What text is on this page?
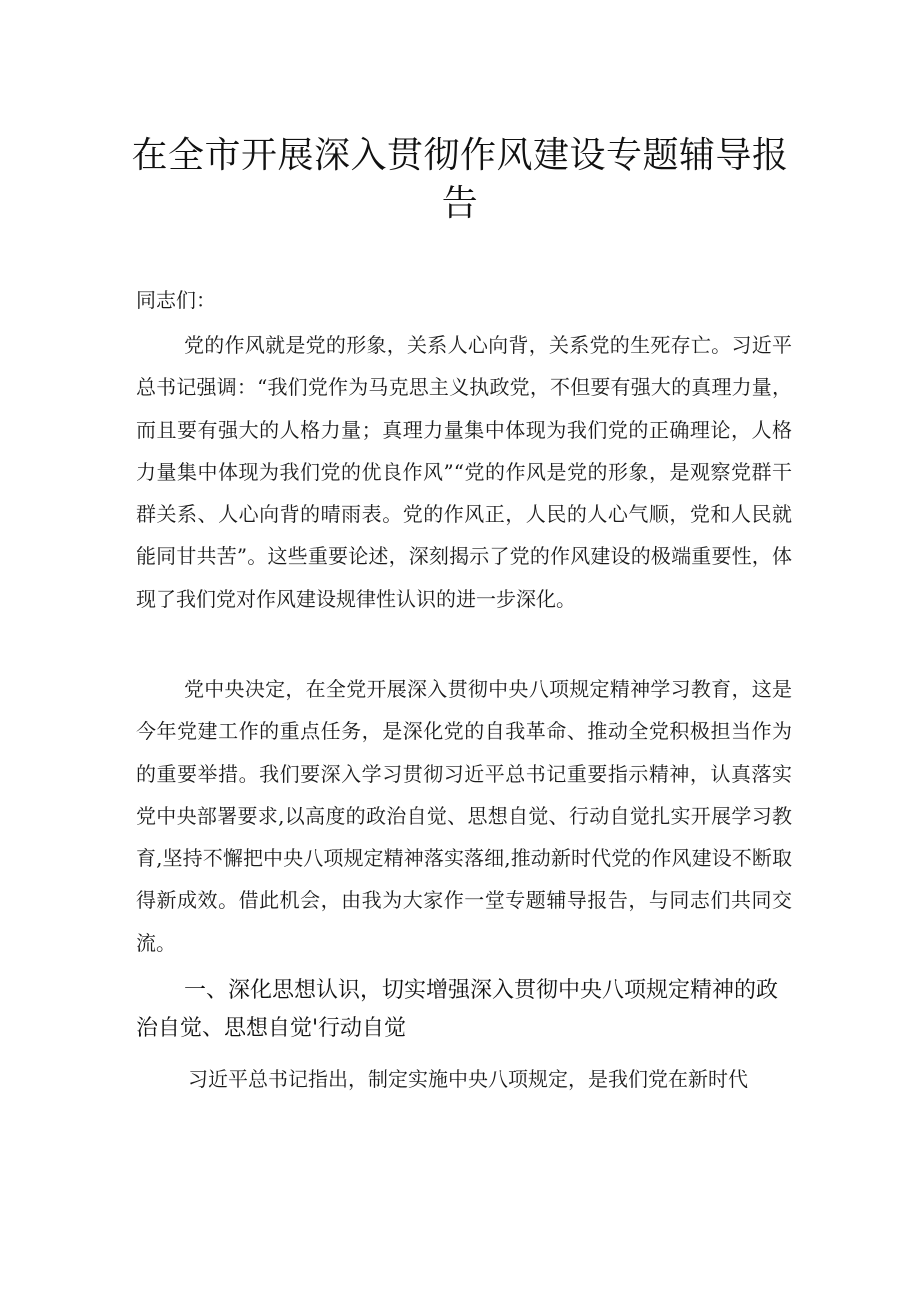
在全市开展深入贯彻作风建设专题辅导报告

同志们：

党的作风就是党的形象，关系人心向背，关系党的生死存亡。习近平总书记强调：“我们党作为马克思主义执政党，不但要有强大的真理力量，而且要有强大的人格力量；真理力量集中体现为我们党的正确理论，人格力量集中体现为我们党的优良作风”“党的作风是党的形象，是观察党群干群关系、人心向背的晴雨表。党的作风正，人民的人心气顺，党和人民就能同甘共苦”。这些重要论述，深刻揭示了党的作风建设的极端重要性，体现了我们党对作风建设规律性认识的进一步深化。

党中央决定，在全党开展深入贯彻中央八项规定精神学习教育，这是今年党建工作的重点任务，是深化党的自我革命、推动全党积极担当作为的重要举措。我们要深入学习贯彻习近平总书记重要指示精神，认真落实党中央部署要求,以高度的政治自觉、思想自觉、行动自觉扎实开展学习教育,坚持不懈把中央八项规定精神落实落细,推动新时代党的作风建设不断取得新成效。借此机会，由我为大家作一堂专题辅导报告，与同志们共同交流。

一、深化思想认识，切实增强深入贯彻中央八项规定精神的政治自觉、思想自觉'行动自觉

习近平总书记指出，制定实施中央八项规定，是我们党在新时代
